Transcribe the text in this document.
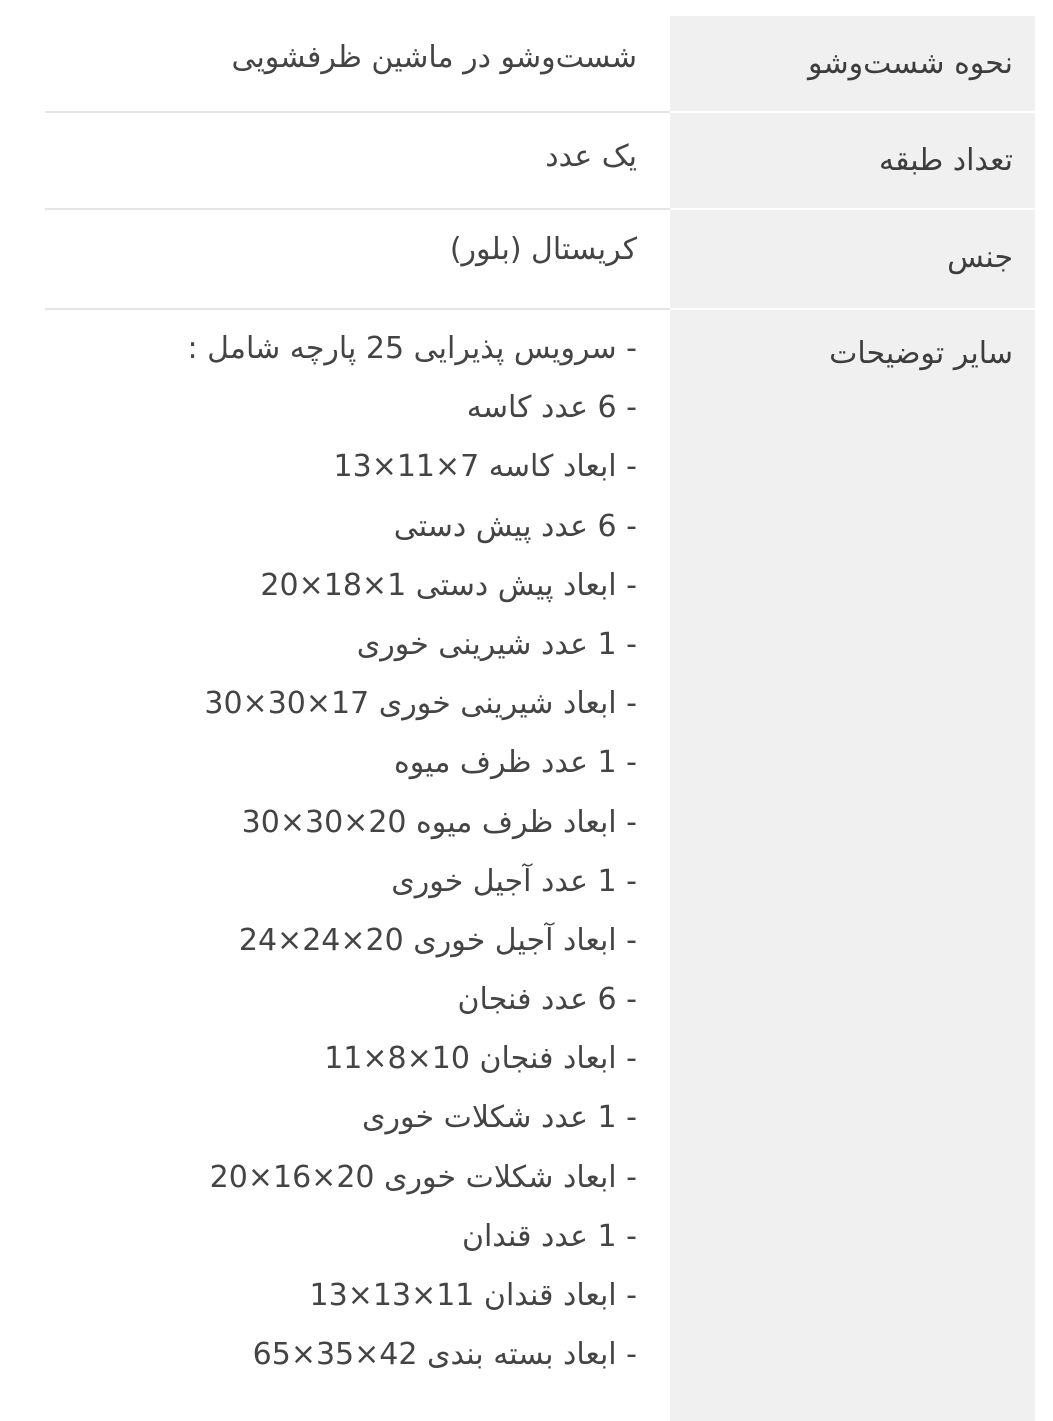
نحوه شست‌وشو
شست‌وشو در ماشین ظرفشویی
تعداد طبقه
یک عدد
جنس
کریستال (بلور)
سایر توضیحات
- سرویس پذیرایی 25 پارچه شامل :
- 6 عدد کاسه
- ابعاد کاسه 7×11×13
- 6 عدد پیش دستی
- ابعاد پیش دستی 1×18×20
- 1 عدد شیرینی خوری
- ابعاد شیرینی خوری 17×30×30
- 1 عدد ظرف میوه
- ابعاد ظرف میوه 20×30×30
- 1 عدد آجیل خوری
- ابعاد آجیل خوری 20×24×24
- 6 عدد فنجان
- ابعاد فنجان 10×8×11
- 1 عدد شکلات خوری
- ابعاد شکلات خوری 20×16×20
- 1 عدد قندان
- ابعاد قندان 11×13×13
- ابعاد بسته بندی 42×35×65
